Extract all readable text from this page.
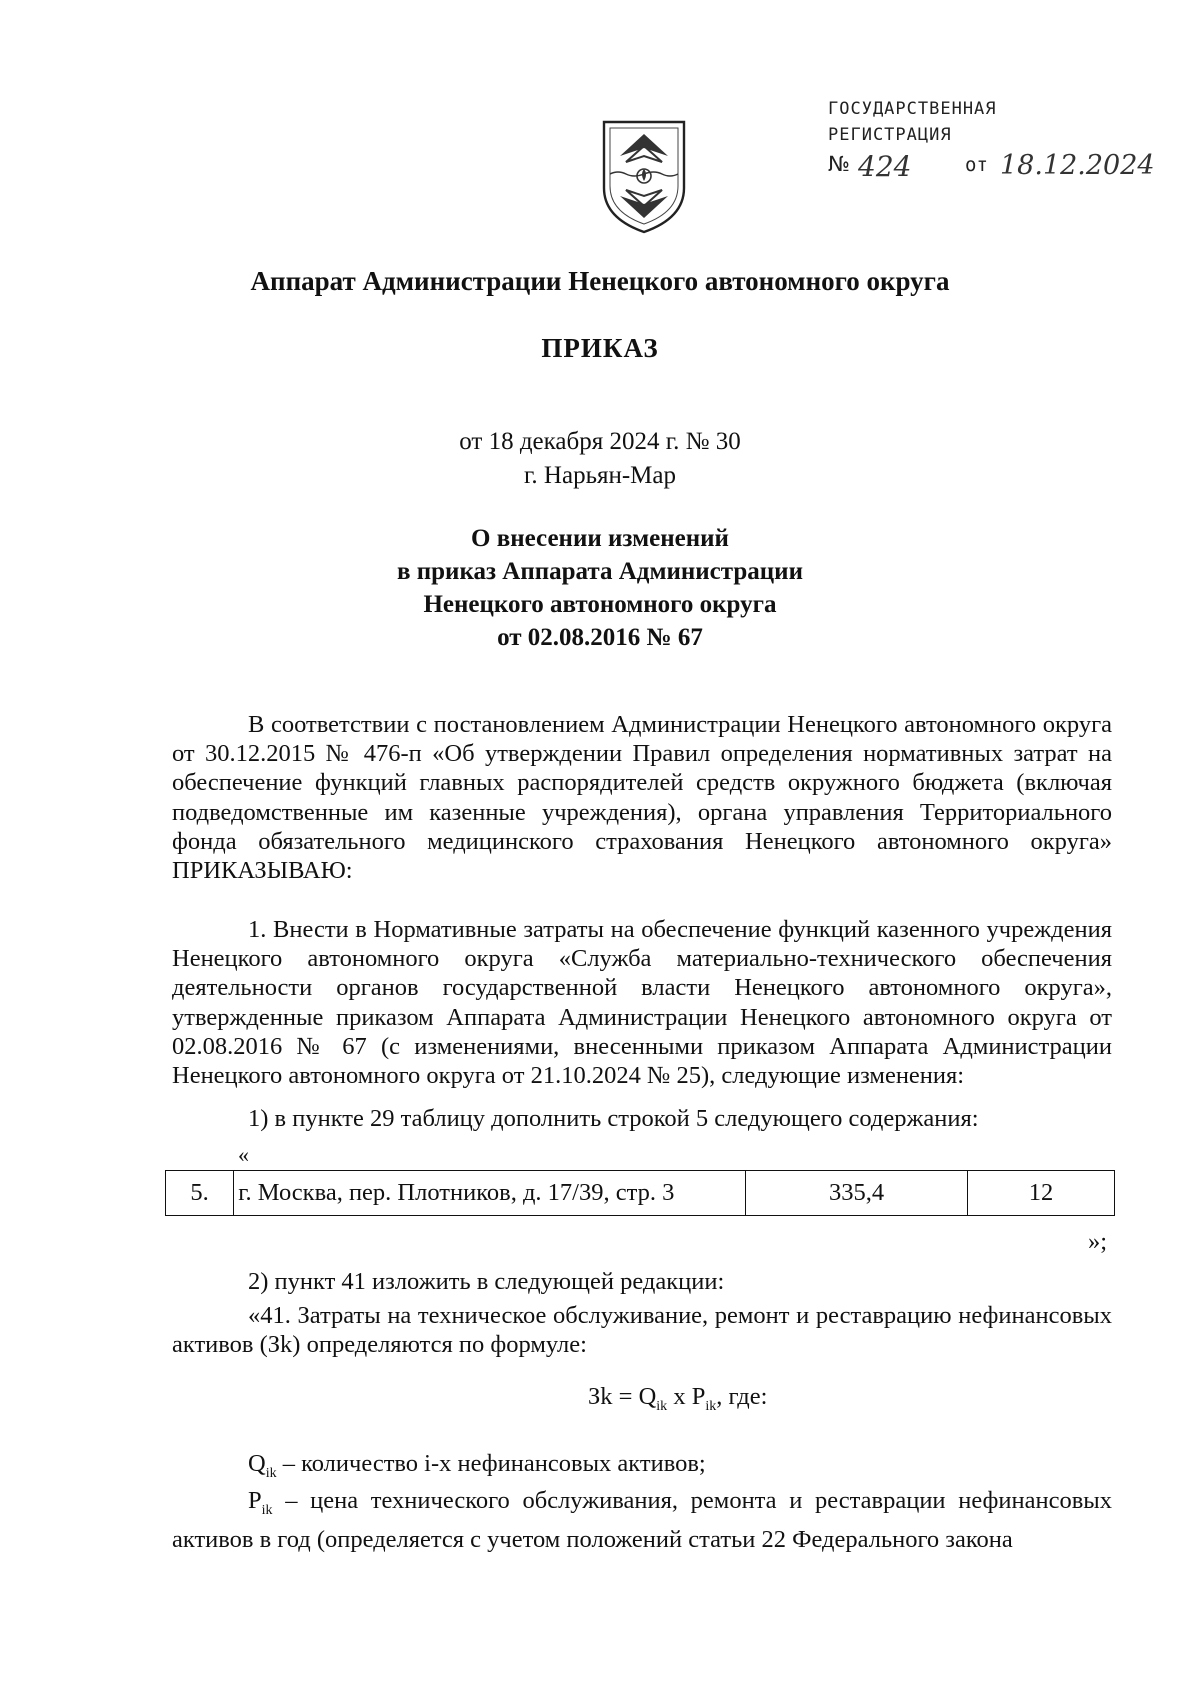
ГОСУДАРСТВЕННАЯ
РЕГИСТРАЦИЯ
№ 424	от 18.12.2024
Аппарат Администрации Ненецкого автономного округа
ПРИКАЗ
от 18 декабря 2024 г. № 30
г. Нарьян-Мар
О внесении изменений
в приказ Аппарата Администрации
Ненецкого автономного округа
от 02.08.2016 № 67

В соответствии с постановлением Администрации Ненецкого автономного округа от 30.12.2015 № 476-п «Об утверждении Правил определения нормативных затрат на обеспечение функций главных распорядителей средств окружного бюджета (включая подведомственные им казенные учреждения), органа управления Территориального фонда обязательного медицинского страхования Ненецкого автономного округа» ПРИКАЗЫВАЮ:

1. Внести в Нормативные затраты на обеспечение функций казенного учреждения Ненецкого автономного округа «Служба материально-технического обеспечения деятельности органов государственной власти Ненецкого автономного округа», утвержденные приказом Аппарата Администрации Ненецкого автономного округа от 02.08.2016 № 67 (с изменениями, внесенными приказом Аппарата Администрации Ненецкого автономного округа от 21.10.2024 № 25), следующие изменения:

1) в пункте 29 таблицу дополнить строкой 5 следующего содержания:
«
5.	г. Москва, пер. Плотников, д. 17/39, стр. 3	335,4	12
»;
2) пункт 41 изложить в следующей редакции:

«41. Затраты на техническое обслуживание, ремонт и реставрацию нефинансовых активов (Зk) определяются по формуле:

Зk = $Q_{ik}$ x $P_{ik}$, где:
$Q_{ik}$ – количество i-х нефинансовых активов;

$P_{ik}$ – цена технического обслуживания, ремонта и реставрации нефинансовых активов в год (определяется с учетом положений статьи 22 Федерального закона
